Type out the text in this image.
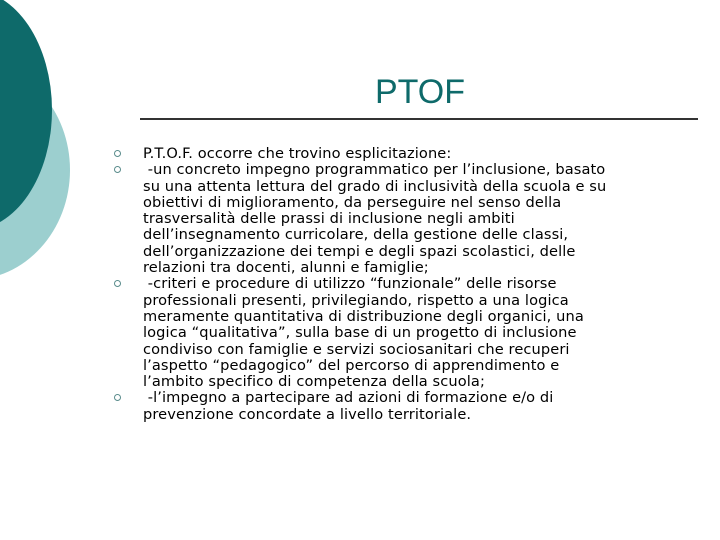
PTOF
P.T.O.F. occorre che trovino esplicitazione:
-un concreto impegno programmatico per l’inclusione, basato
su una attenta lettura del grado di inclusività della scuola e su
obiettivi di miglioramento, da perseguire nel senso della
trasversalità delle prassi di inclusione negli ambiti
dell’insegnamento curricolare, della gestione delle classi,
dell’organizzazione dei tempi e degli spazi scolastici, delle
relazioni tra docenti, alunni e famiglie;
-criteri e procedure di utilizzo “funzionale” delle risorse
professionali presenti, privilegiando, rispetto a una logica
meramente quantitativa di distribuzione degli organici, una
logica “qualitativa”, sulla base di un progetto di inclusione
condiviso con famiglie e servizi sociosanitari che recuperi
l’aspetto “pedagogico” del percorso di apprendimento e
l’ambito specifico di competenza della scuola;
-l’impegno a partecipare ad azioni di formazione e/o di
prevenzione concordate a livello territoriale.
